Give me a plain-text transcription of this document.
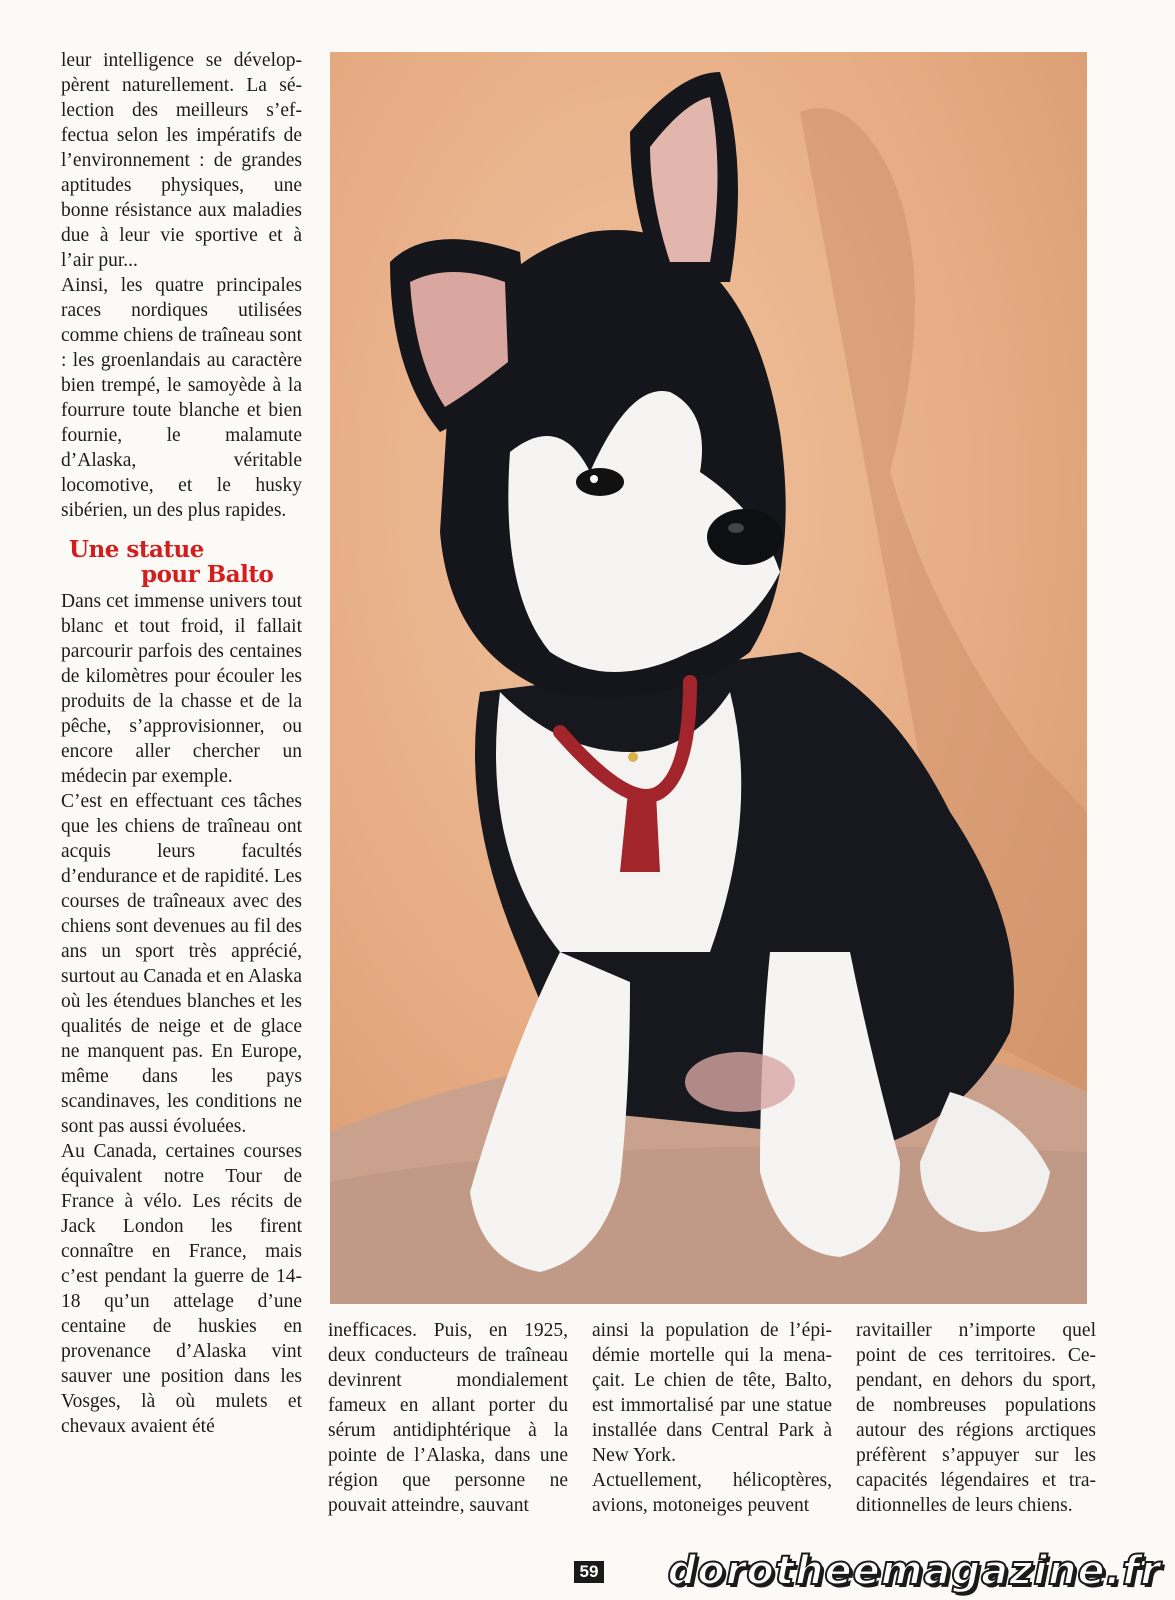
leur intelligence se développèrent naturellement. La sélection des meilleurs s’effectua selon les impératifs de l’environnement : de grandes aptitudes physiques, une bonne résistance aux maladies due à leur vie sportive et à l’air pur...

Ainsi, les quatre principales races nordiques utilisées comme chiens de traîneau sont : les groenlandais au caractère bien trempé, le samoyède à la fourrure toute blanche et bien fournie, le malamute d’Alaska, véritable locomotive, et le husky sibérien, un des plus rapides.

Une statue
pour Balto

Dans cet immense univers tout blanc et tout froid, il fallait parcourir parfois des centaines de kilomètres pour écouler les produits de la chasse et de la pêche, s’approvisionner, ou encore aller chercher un médecin par exemple.

C’est en effectuant ces tâches que les chiens de traîneau ont acquis leurs facultés d’endurance et de rapidité. Les courses de traîneaux avec des chiens sont devenues au fil des ans un sport très apprécié, surtout au Canada et en Alaska où les étendues blanches et les qualités de neige et de glace ne manquent pas. En Europe, même dans les pays scandinaves, les conditions ne sont pas aussi évoluées.

Au Canada, certaines courses équivalent notre Tour de France à vélo. Les récits de Jack London les firent connaître en France, mais c’est pendant la guerre de 14-18 qu’un attelage d’une centaine de huskies en provenance d’Alaska vint sauver une position dans les Vosges, là où mulets et chevaux avaient été

inefficaces. Puis, en 1925, deux conducteurs de traîneau devinrent mondialement fameux en allant porter du sérum antidiphtérique à la pointe de l’Alaska, dans une région que personne ne pouvait atteindre, sauvant

ainsi la population de l’épidémie mortelle qui la menaçait. Le chien de tête, Balto, est immortalisé par une statue installée dans Central Park à New York.

Actuellement, hélicoptères, avions, motoneiges peuvent

ravitailler n’importe quel point de ces territoires. Cependant, en dehors du sport, de nombreuses populations autour des régions arctiques préfèrent s’appuyer sur les capacités légendaires et traditionnelles de leurs chiens.

59 dorotheemagazine.fr
